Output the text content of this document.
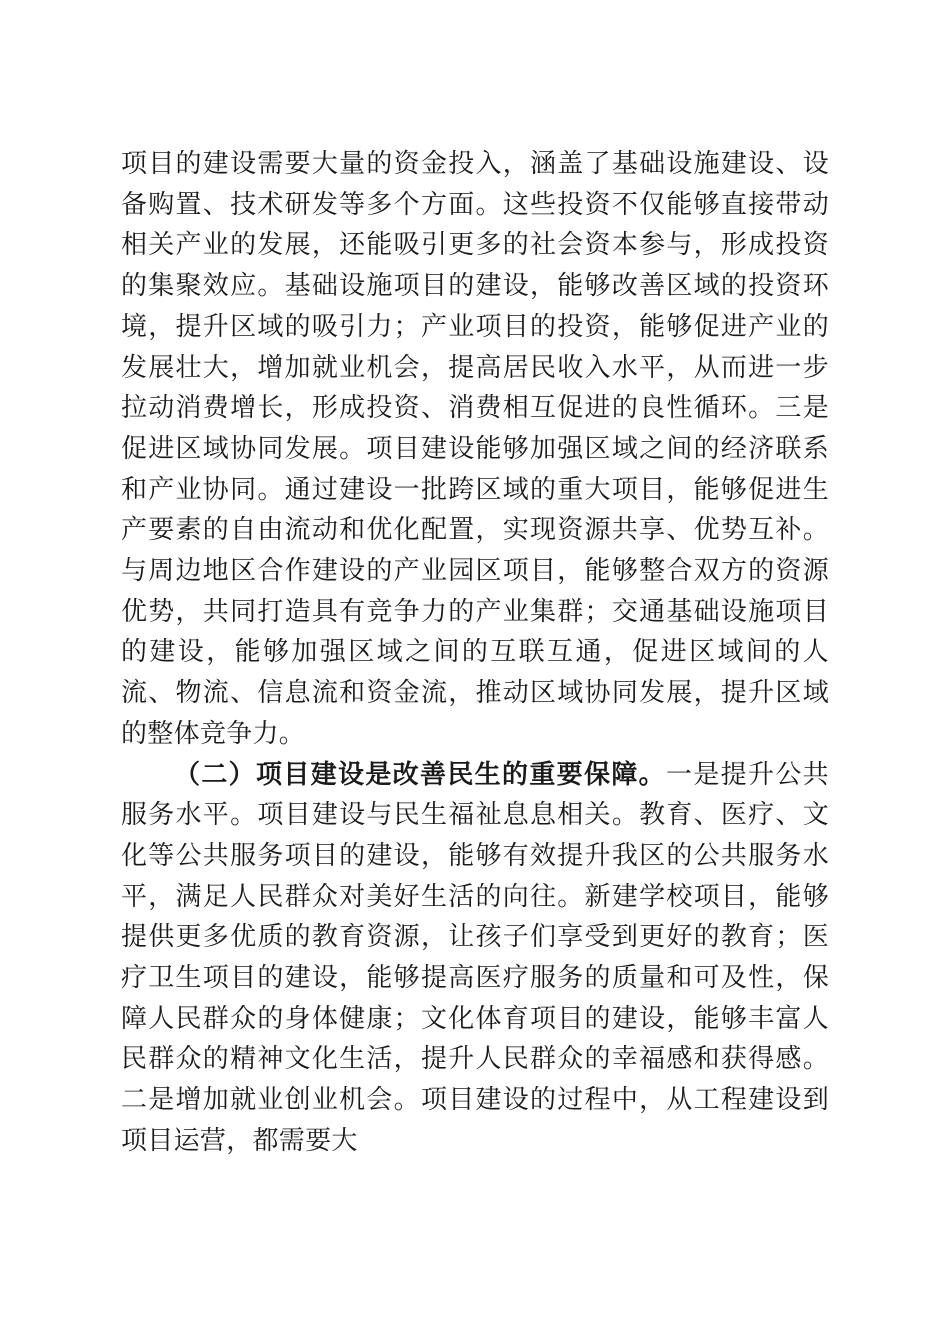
项目的建设需要大量的资金投入，涵盖了基础设施建设、设备购置、技术研发等多个方面。这些投资不仅能够直接带动相关产业的发展，还能吸引更多的社会资本参与，形成投资的集聚效应。基础设施项目的建设，能够改善区域的投资环境，提升区域的吸引力；产业项目的投资，能够促进产业的发展壮大，增加就业机会，提高居民收入水平，从而进一步拉动消费增长，形成投资、消费相互促进的良性循环。三是促进区域协同发展。项目建设能够加强区域之间的经济联系和产业协同。通过建设一批跨区域的重大项目，能够促进生产要素的自由流动和优化配置，实现资源共享、优势互补。与周边地区合作建设的产业园区项目，能够整合双方的资源优势，共同打造具有竞争力的产业集群；交通基础设施项目的建设，能够加强区域之间的互联互通，促进区域间的人流、物流、信息流和资金流，推动区域协同发展，提升区域的整体竞争力。

（二）项目建设是改善民生的重要保障。一是提升公共服务水平。项目建设与民生福祉息息相关。教育、医疗、文化等公共服务项目的建设，能够有效提升我区的公共服务水平，满足人民群众对美好生活的向往。新建学校项目，能够提供更多优质的教育资源，让孩子们享受到更好的教育；医疗卫生项目的建设，能够提高医疗服务的质量和可及性，保障人民群众的身体健康；文化体育项目的建设，能够丰富人民群众的精神文化生活，提升人民群众的幸福感和获得感。二是增加就业创业机会。项目建设的过程中，从工程建设到项目运营，都需要大
